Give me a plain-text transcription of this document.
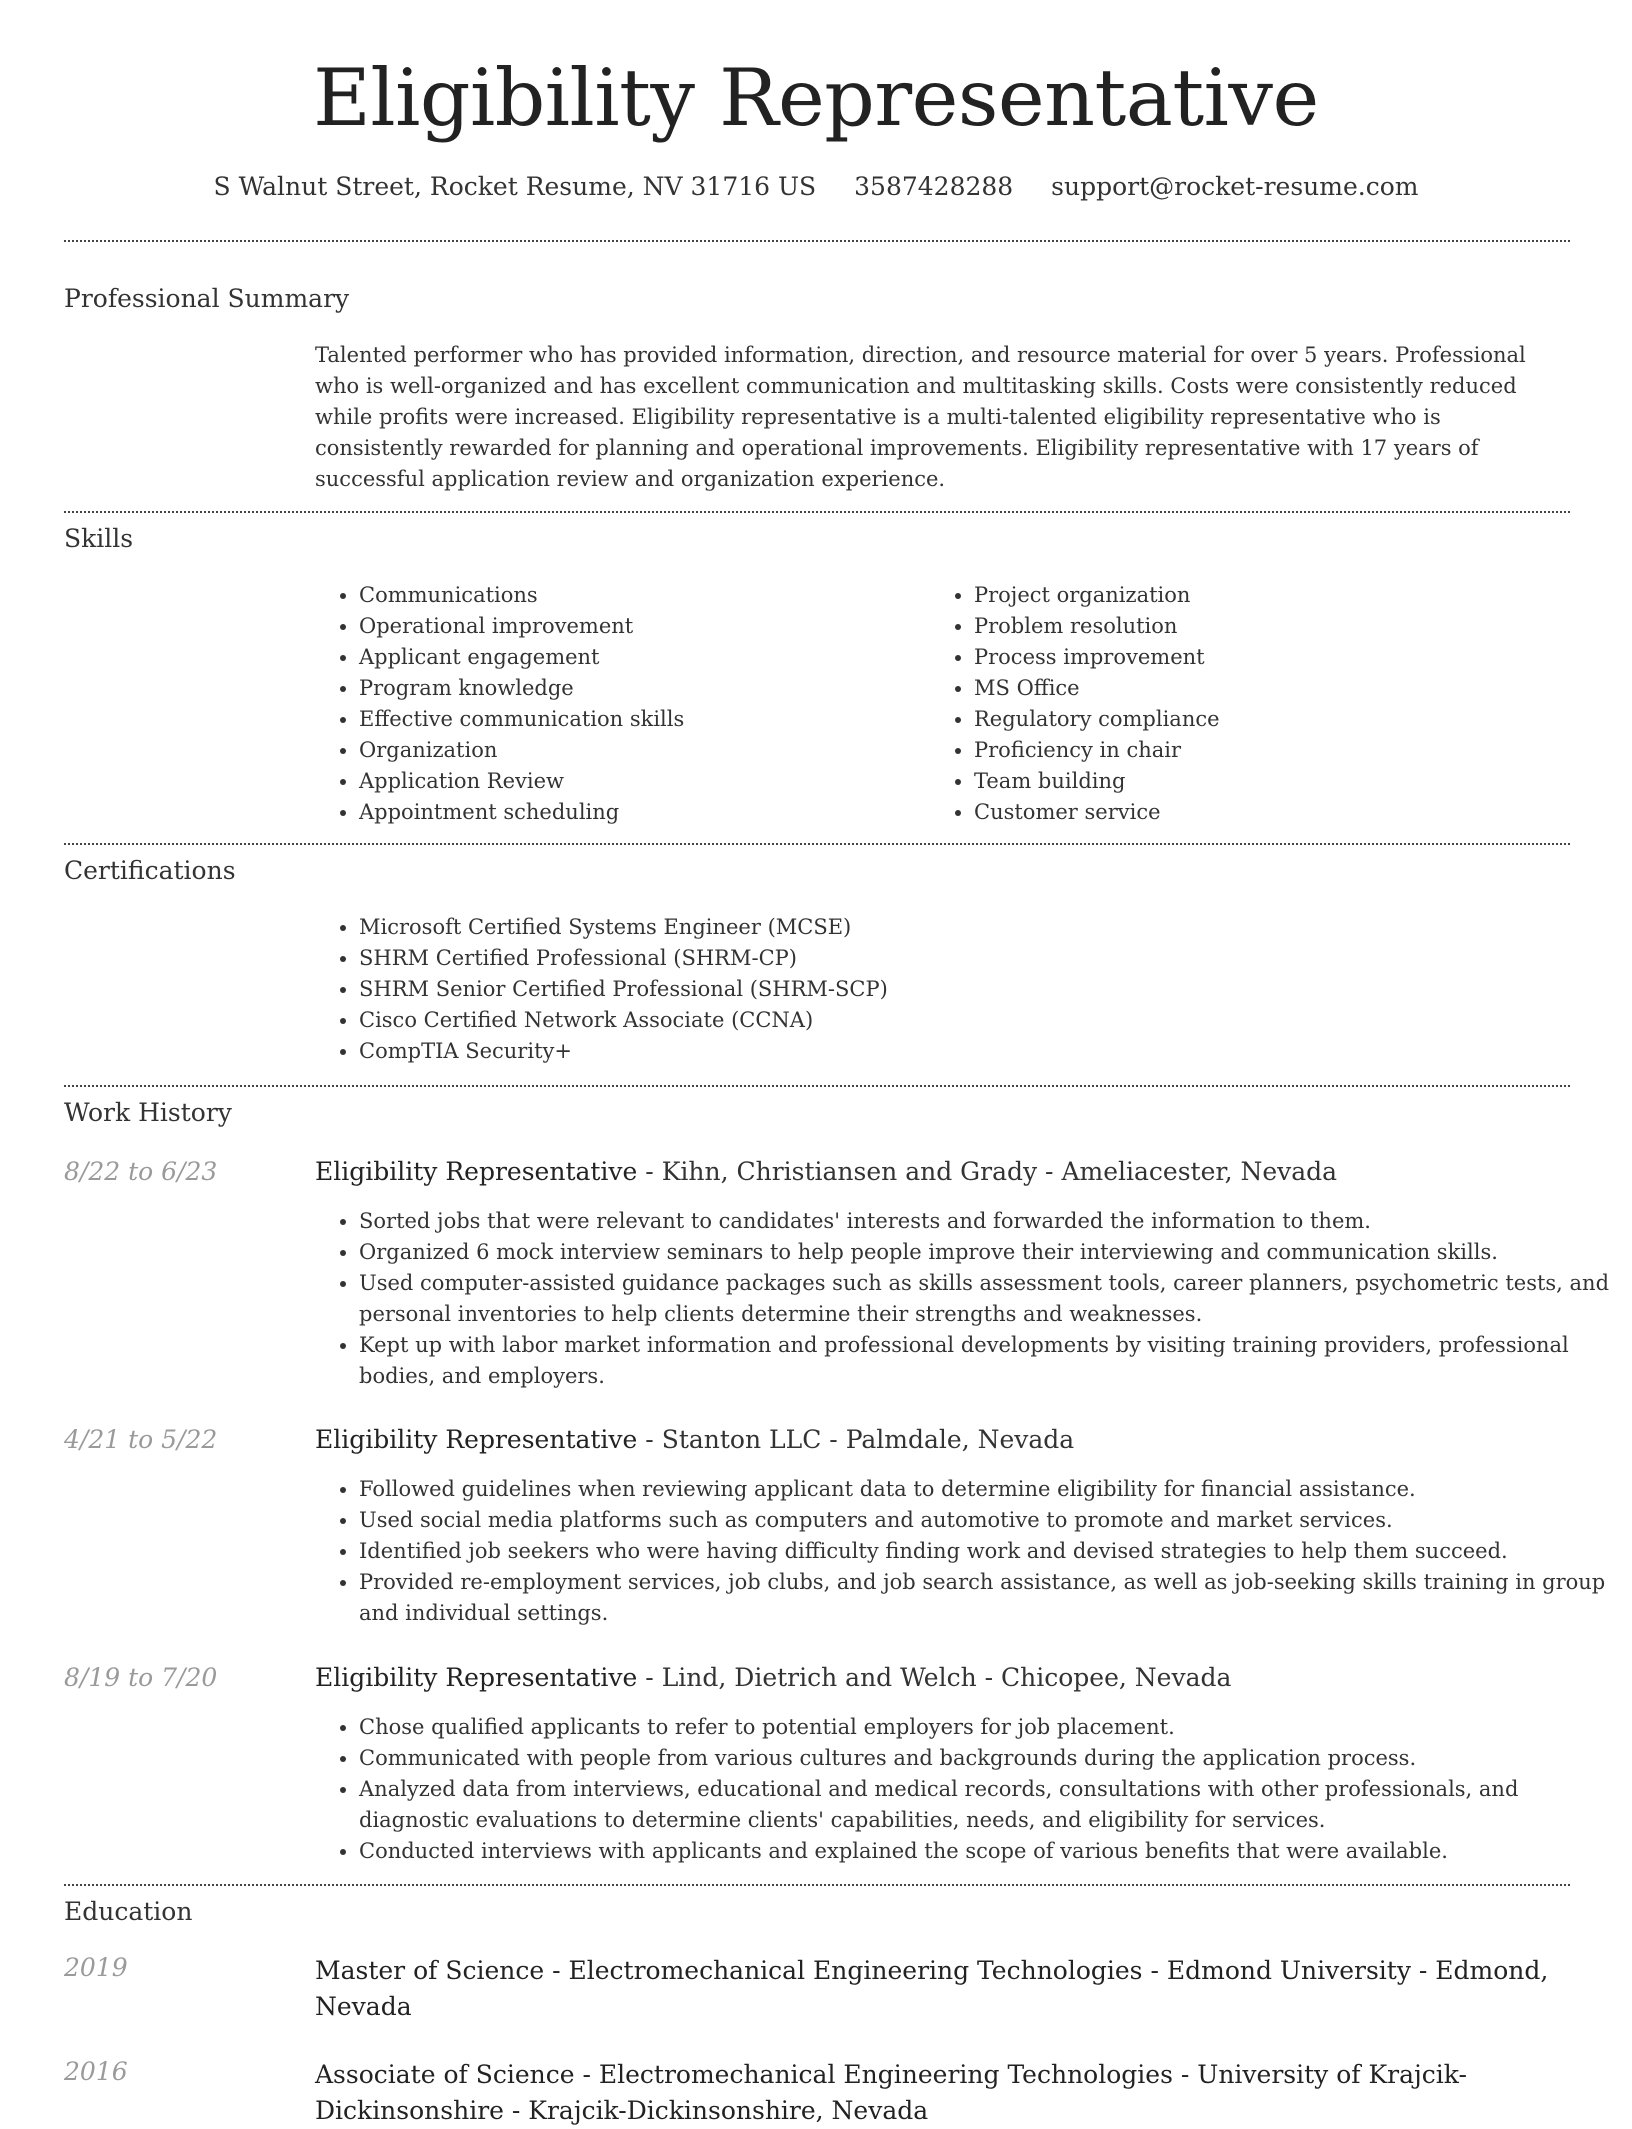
Eligibility Representative
S Walnut Street, Rocket Resume, NV 31716 US 3587428288 support@rocket-resume.com
Professional Summary

Talented performer who has provided information, direction, and resource material for over 5 years. Professional who is well-organized and has excellent communication and multitasking skills. Costs were consistently reduced while profits were increased. Eligibility representative is a multi-talented eligibility representative who is consistently rewarded for planning and operational improvements. Eligibility representative with 17 years of successful application review and organization experience.

Skills
• Communications
• Operational improvement
• Applicant engagement
• Program knowledge
• Effective communication skills
• Organization
• Application Review
• Appointment scheduling
• Project organization
• Problem resolution
• Process improvement
• MS Office
• Regulatory compliance
• Proficiency in chair
• Team building
• Customer service
Certifications
• Microsoft Certified Systems Engineer (MCSE)
• SHRM Certified Professional (SHRM-CP)
• SHRM Senior Certified Professional (SHRM-SCP)
• Cisco Certified Network Associate (CCNA)
• CompTIA Security+
Work History
8/22 to 6/23	Eligibility Representative - Kihn, Christiansen and Grady - Ameliacester, Nevada
• Sorted jobs that were relevant to candidates' interests and forwarded the information to them.
• Organized 6 mock interview seminars to help people improve their interviewing and communication skills.
• Used computer-assisted guidance packages such as skills assessment tools, career planners, psychometric tests, and personal inventories to help clients determine their strengths and weaknesses.
• Kept up with labor market information and professional developments by visiting training providers, professional bodies, and employers.
4/21 to 5/22	Eligibility Representative - Stanton LLC - Palmdale, Nevada
• Followed guidelines when reviewing applicant data to determine eligibility for financial assistance.
• Used social media platforms such as computers and automotive to promote and market services.
• Identified job seekers who were having difficulty finding work and devised strategies to help them succeed.
• Provided re-employment services, job clubs, and job search assistance, as well as job-seeking skills training in group and individual settings.
8/19 to 7/20	Eligibility Representative - Lind, Dietrich and Welch - Chicopee, Nevada
• Chose qualified applicants to refer to potential employers for job placement.
• Communicated with people from various cultures and backgrounds during the application process.
• Analyzed data from interviews, educational and medical records, consultations with other professionals, and diagnostic evaluations to determine clients' capabilities, needs, and eligibility for services.
• Conducted interviews with applicants and explained the scope of various benefits that were available.
Education
2019	Master of Science - Electromechanical Engineering Technologies - Edmond University - Edmond, Nevada
2016	Associate of Science - Electromechanical Engineering Technologies - University of Krajcik-Dickinsonshire - Krajcik-Dickinsonshire, Nevada
